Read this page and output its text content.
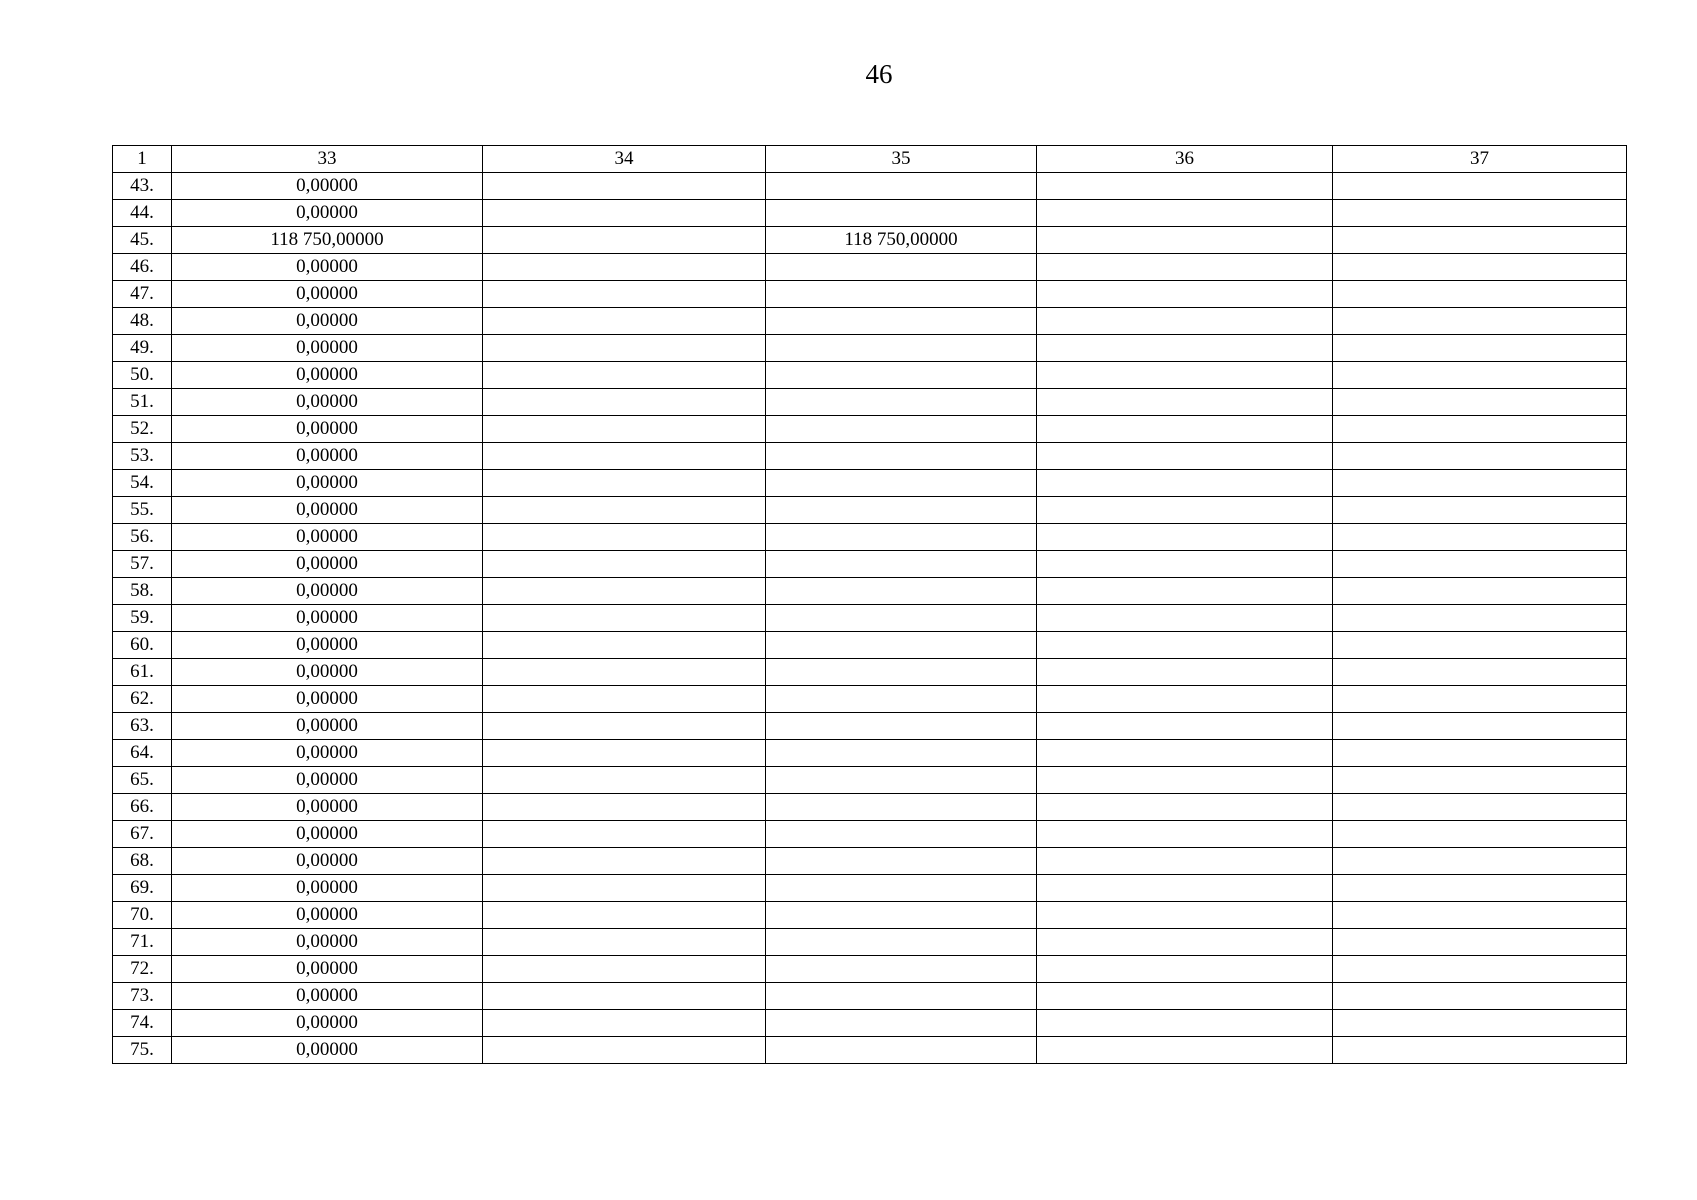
46
1	33	34	35	36	37
43.	0,00000				
44.	0,00000				
45.	118 750,00000		118 750,00000		
46.	0,00000				
47.	0,00000				
48.	0,00000				
49.	0,00000				
50.	0,00000				
51.	0,00000				
52.	0,00000				
53.	0,00000				
54.	0,00000				
55.	0,00000				
56.	0,00000				
57.	0,00000				
58.	0,00000				
59.	0,00000				
60.	0,00000				
61.	0,00000				
62.	0,00000				
63.	0,00000				
64.	0,00000				
65.	0,00000				
66.	0,00000				
67.	0,00000				
68.	0,00000				
69.	0,00000				
70.	0,00000				
71.	0,00000				
72.	0,00000				
73.	0,00000				
74.	0,00000				
75.	0,00000				
